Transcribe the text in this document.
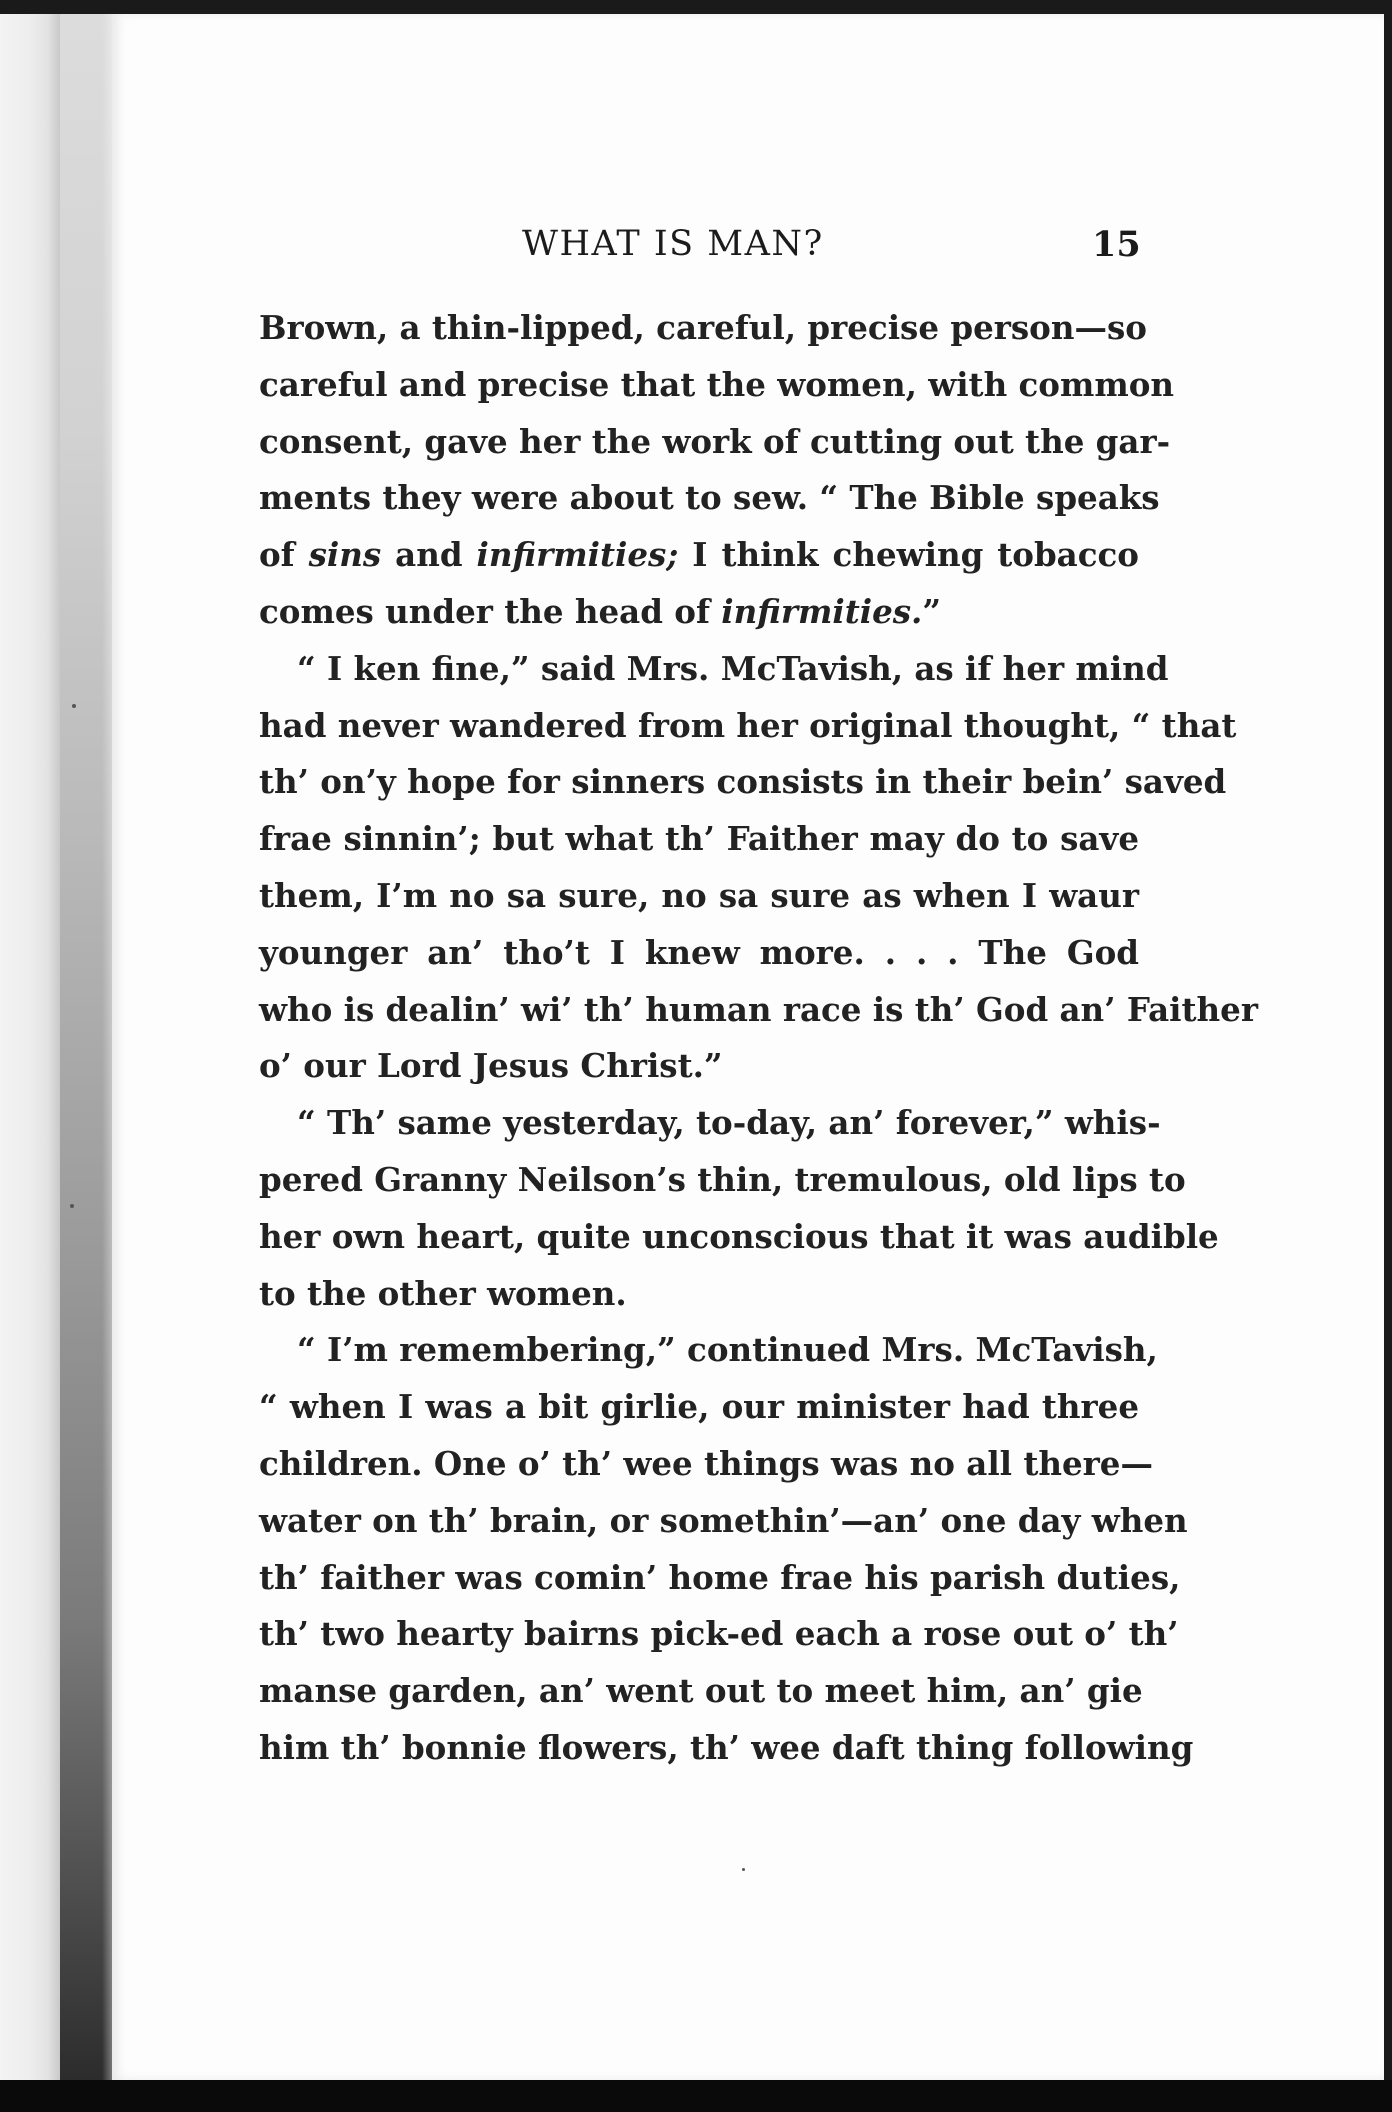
WHAT IS MAN?	15

Brown, a thin-lipped, careful, precise person—so
careful and precise that the women, with common
consent, gave her the work of cutting out the gar-
ments they were about to sew. “ The Bible speaks
of sins and infirmities; I think chewing tobacco
comes under the head of infirmities.”

“ I ken fine,” said Mrs. McTavish, as if her mind
had never wandered from her original thought, “ that
th’ on’y hope for sinners consists in their bein’ saved
frae sinnin’; but what th’ Faither may do to save
them, I’m no sa sure, no sa sure as when I waur
younger an’ tho’t I knew more. . . . The God
who is dealin’ wi’ th’ human race is th’ God an’ Faither
o’ our Lord Jesus Christ.”

“ Th’ same yesterday, to-day, an’ forever,” whis-
pered Granny Neilson’s thin, tremulous, old lips to
her own heart, quite unconscious that it was audible
to the other women.

“ I’m remembering,” continued Mrs. McTavish,
“ when I was a bit girlie, our minister had three
children. One o’ th’ wee things was no all there—
water on th’ brain, or somethin’—an’ one day when
th’ faither was comin’ home frae his parish duties,
th’ two hearty bairns pick-ed each a rose out o’ th’
manse garden, an’ went out to meet him, an’ gie
him th’ bonnie flowers, th’ wee daft thing following
